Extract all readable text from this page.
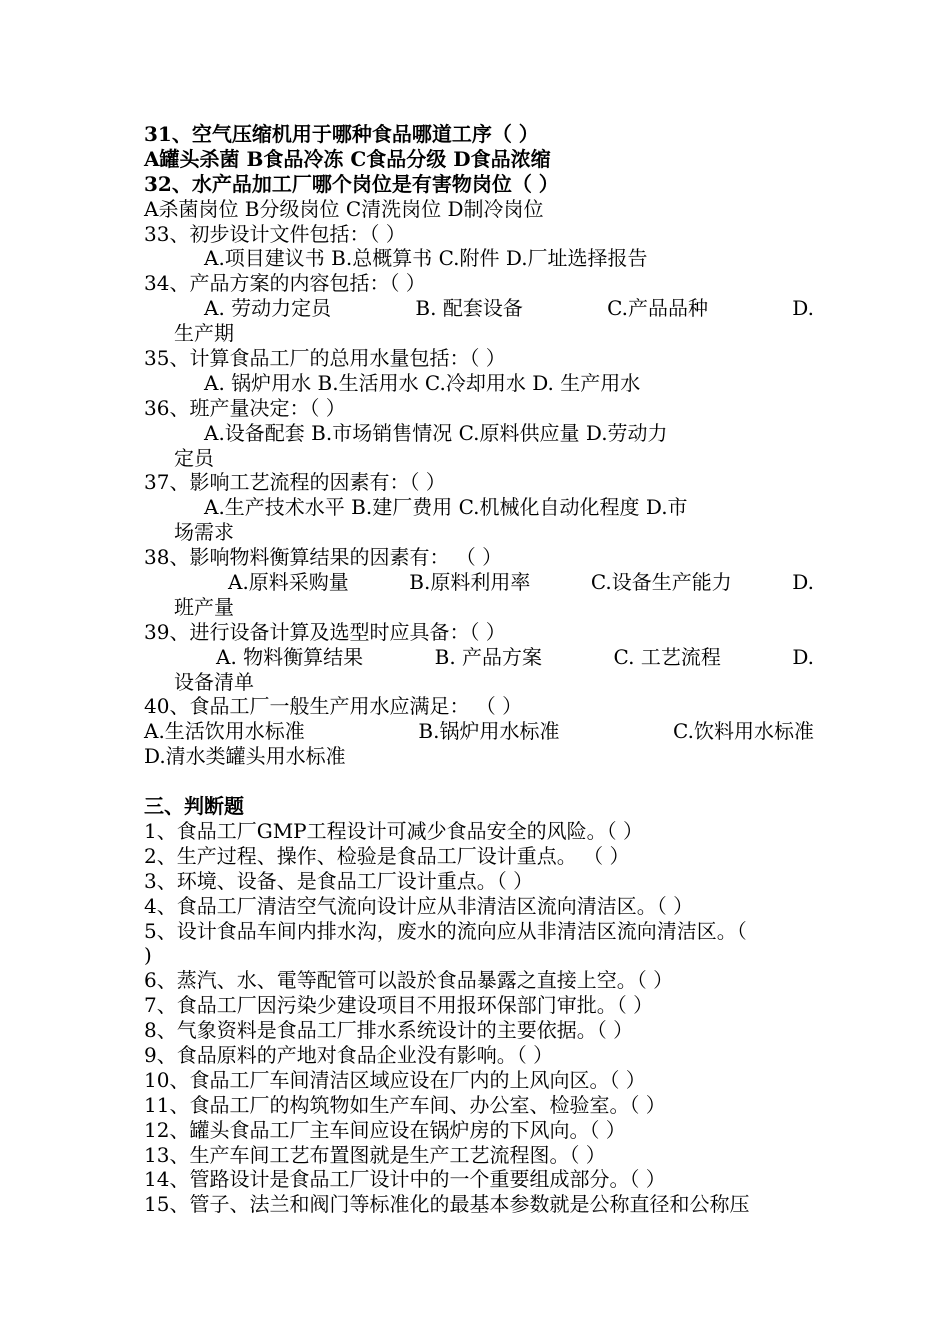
31、空气压缩机用于哪种食品哪道工序（ ）
A罐头杀菌 B食品冷冻 C食品分级 D食品浓缩
32、水产品加工厂哪个岗位是有害物岗位（ ）
A杀菌岗位 B分级岗位 C清洗岗位 D制冷岗位
33、初步设计文件包括：（ ）
A.项目建议书 B.总概算书 C.附件 D.厂址选择报告
34、产品方案的内容包括：（ ）
A. 劳动力定员	B. 配套设备	C.产品品种	D.
生产期
35、计算食品工厂的总用水量包括：（ ）
A. 锅炉用水 B.生活用水 C.冷却用水 D. 生产用水
36、班产量决定：（ ）
A.设备配套 B.市场销售情况 C.原料供应量 D.劳动力
定员
37、影响工艺流程的因素有：（ ）
A.生产技术水平 B.建厂费用 C.机械化自动化程度 D.市
场需求
38、影响物料衡算结果的因素有： （ ）
A.原料采购量	B.原料利用率	C.设备生产能力	D.
班产量
39、进行设备计算及选型时应具备：（ ）
A. 物料衡算结果	B. 产品方案	C. 工艺流程	D.
设备清单
40、食品工厂一般生产用水应满足： （ ）
A.生活饮用水标准	B.锅炉用水标准	C.饮料用水标准
D.清水类罐头用水标准
三、判断题
1、食品工厂GMP工程设计可减少食品安全的风险。（ ）
2、生产过程、操作、检验是食品工厂设计重点。 （ ）
3、环境、设备、是食品工厂设计重点。（ ）
4、食品工厂清洁空气流向设计应从非清洁区流向清洁区。（ ）
5、设计食品车间内排水沟，废水的流向应从非清洁区流向清洁区。（
)
6、蒸汽、水、電等配管可以設於食品暴露之直接上空。（ ）
7、食品工厂因污染少建设项目不用报环保部门审批。（ ）
8、气象资料是食品工厂排水系统设计的主要依据。（ ）
9、食品原料的产地对食品企业没有影响。（ ）
10、食品工厂车间清洁区域应设在厂内的上风向区。（ ）
11、食品工厂的构筑物如生产车间、办公室、检验室。（ ）
12、罐头食品工厂主车间应设在锅炉房的下风向。（ ）
13、生产车间工艺布置图就是生产工艺流程图。（ ）
14、管路设计是食品工厂设计中的一个重要组成部分。（ ）
15、管子、法兰和阀门等标准化的最基本参数就是公称直径和公称压
